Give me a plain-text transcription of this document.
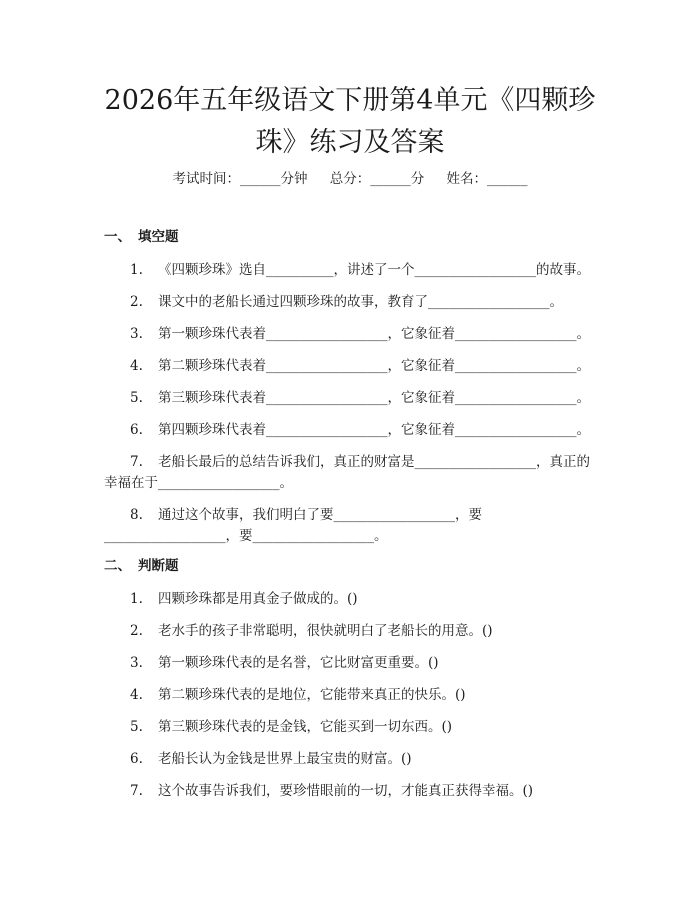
2026年五年级语文下册第4单元《四颗珍
珠》练习及答案
考试时间：______分钟 总分：______分 姓名：______
一、 填空题

1. 《四颗珍珠》选自__________，讲述了一个__________________的故事。

2. 课文中的老船长通过四颗珍珠的故事，教育了__________________。

3. 第一颗珍珠代表着__________________，它象征着__________________。

4. 第二颗珍珠代表着__________________，它象征着__________________。

5. 第三颗珍珠代表着__________________，它象征着__________________。

6. 第四颗珍珠代表着__________________，它象征着__________________。

7. 老船长最后的总结告诉我们，真正的财富是__________________，真正的幸福在于__________________。

8. 通过这个故事，我们明白了要__________________，要__________________，要__________________。

二、 判断题

1. 四颗珍珠都是用真金子做成的。()

2. 老水手的孩子非常聪明，很快就明白了老船长的用意。()

3. 第一颗珍珠代表的是名誉，它比财富更重要。()

4. 第二颗珍珠代表的是地位，它能带来真正的快乐。()

5. 第三颗珍珠代表的是金钱，它能买到一切东西。()

6. 老船长认为金钱是世界上最宝贵的财富。()

7. 这个故事告诉我们，要珍惜眼前的一切，才能真正获得幸福。()
